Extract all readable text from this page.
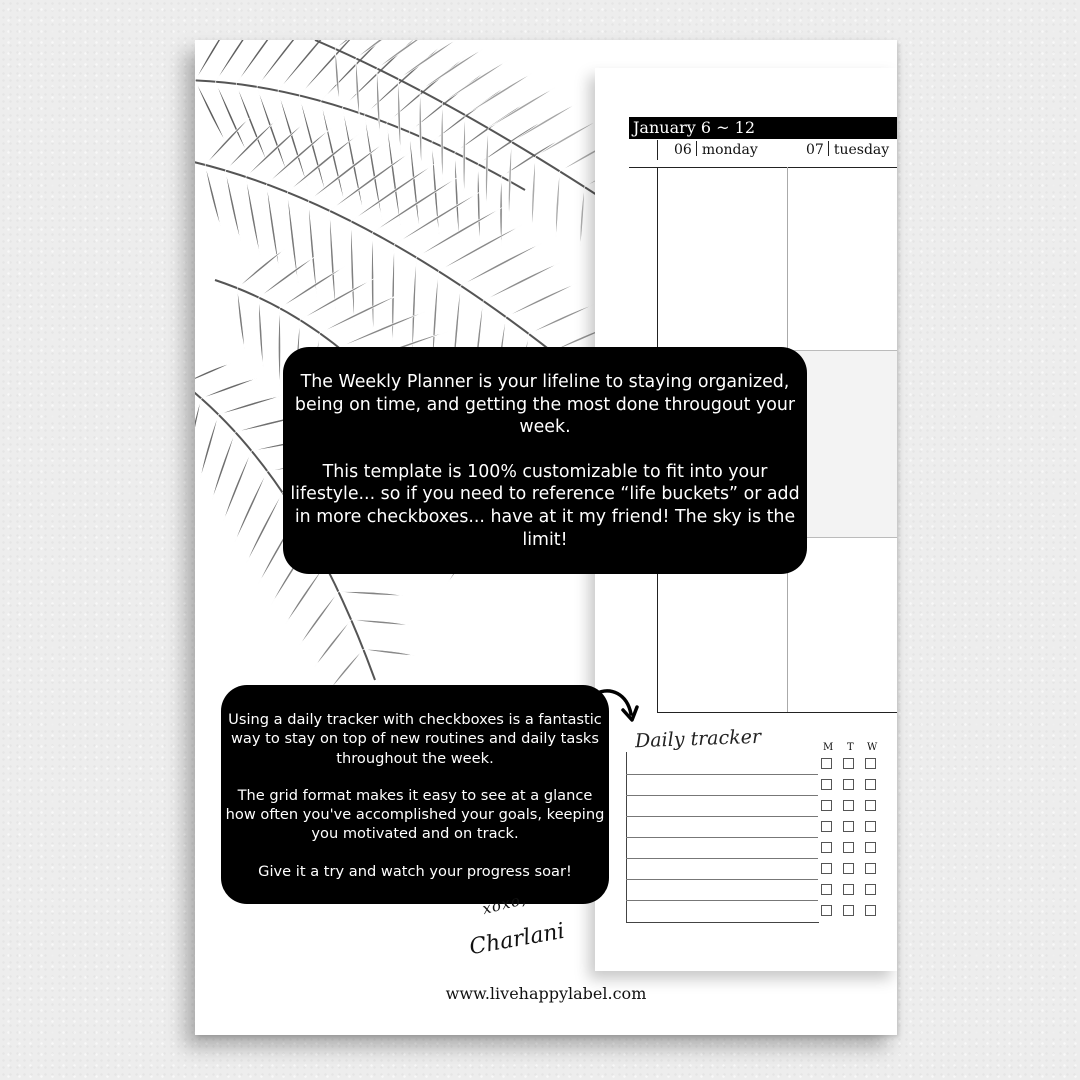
January 6 ~ 12
06 monday	07 tuesday
Daily tracker	M T W

The Weekly Planner is your lifeline to staying organized, being on time, and getting the most done througout your week.

This template is 100% customizable to fit into your lifestyle... so if you need to reference “life buckets” or add in more checkboxes... have at it my friend! The sky is the limit!

Using a daily tracker with checkboxes is a fantastic way to stay on top of new routines and daily tasks throughout the week.

The grid format makes it easy to see at a glance how often you've accomplished your goals, keeping you motivated and on track.

Give it a try and watch your progress soar!

xoxo,
Charlani
www.livehappylabel.com
